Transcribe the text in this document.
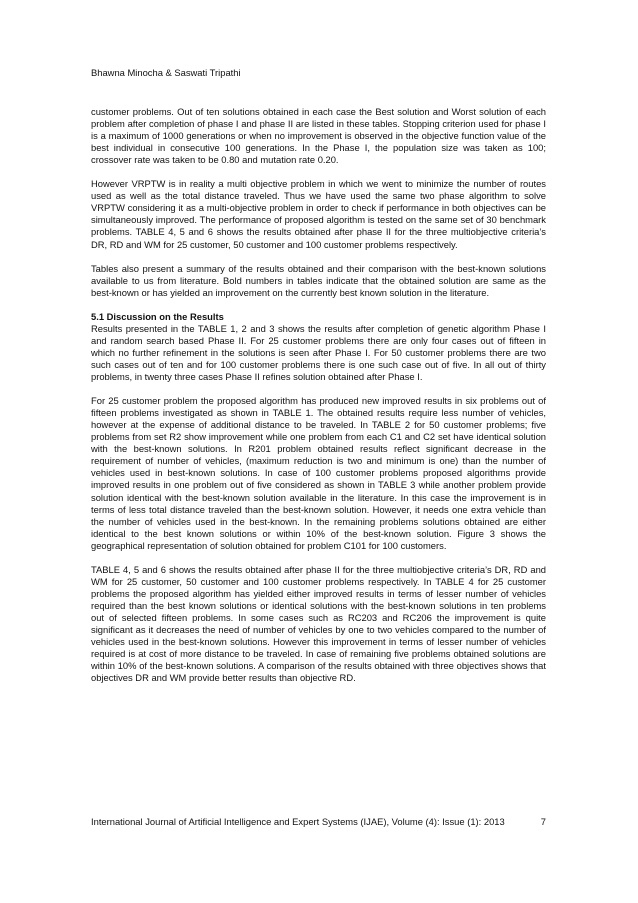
Bhawna Minocha & Saswati Tripathi

customer problems. Out of ten solutions obtained in each case the Best solution and Worst solution of each problem after completion of phase I and phase II are listed in these tables. Stopping criterion used for phase I is a maximum of 1000 generations or when no improvement is observed in the objective function value of the best individual in consecutive 100 generations. In the Phase I, the population size was taken as 100; crossover rate was taken to be 0.80 and mutation rate 0.20.

However VRPTW is in reality a multi objective problem in which we went to minimize the number of routes used as well as the total distance traveled. Thus we have used the same two phase algorithm to solve VRPTW considering it as a multi-objective problem in order to check if performance in both objectives can be simultaneously improved. The performance of proposed algorithm is tested on the same set of 30 benchmark problems. TABLE 4, 5 and 6 shows the results obtained after phase II for the three multiobjective criteria’s DR, RD and WM for 25 customer, 50 customer and 100 customer problems respectively.

Tables also present a summary of the results obtained and their comparison with the best-known solutions available to us from literature. Bold numbers in tables indicate that the obtained solution are same as the best-known or has yielded an improvement on the currently best known solution in the literature.

5.1 Discussion on the Results

Results presented in the TABLE 1, 2 and 3 shows the results after completion of genetic algorithm Phase I and random search based Phase II. For 25 customer problems there are only four cases out of fifteen in which no further refinement in the solutions is seen after Phase I. For 50 customer problems there are two such cases out of ten and for 100 customer problems there is one such case out of five. In all out of thirty problems, in twenty three cases Phase II refines solution obtained after Phase I.

For 25 customer problem the proposed algorithm has produced new improved results in six problems out of fifteen problems investigated as shown in TABLE 1. The obtained results require less number of vehicles, however at the expense of additional distance to be traveled. In TABLE 2 for 50 customer problems; five problems from set R2 show improvement while one problem from each C1 and C2 set have identical solution with the best-known solutions. In R201 problem obtained results reflect significant decrease in the requirement of number of vehicles, (maximum reduction is two and minimum is one) than the number of vehicles used in best-known solutions. In case of 100 customer problems proposed algorithms provide improved results in one problem out of five considered as shown in TABLE 3 while another problem provide solution identical with the best-known solution available in the literature. In this case the improvement is in terms of less total distance traveled than the best-known solution. However, it needs one extra vehicle than the number of vehicles used in the best-known. In the remaining problems solutions obtained are either identical to the best known solutions or within 10% of the best-known solution. Figure 3 shows the geographical representation of solution obtained for problem C101 for 100 customers.

TABLE 4, 5 and 6 shows the results obtained after phase II for the three multiobjective criteria’s DR, RD and WM for 25 customer, 50 customer and 100 customer problems respectively. In TABLE 4 for 25 customer problems the proposed algorithm has yielded either improved results in terms of lesser number of vehicles required than the best known solutions or identical solutions with the best-known solutions in ten problems out of selected fifteen problems. In some cases such as RC203 and RC206 the improvement is quite significant as it decreases the need of number of vehicles by one to two vehicles compared to the number of vehicles used in the best-known solutions. However this improvement in terms of lesser number of vehicles required is at cost of more distance to be traveled. In case of remaining five problems obtained solutions are within 10% of the best-known solutions. A comparison of the results obtained with three objectives shows that objectives DR and WM provide better results than objective RD.

International Journal of Artificial Intelligence and Expert Systems (IJAE), Volume (4): Issue (1): 2013	7
